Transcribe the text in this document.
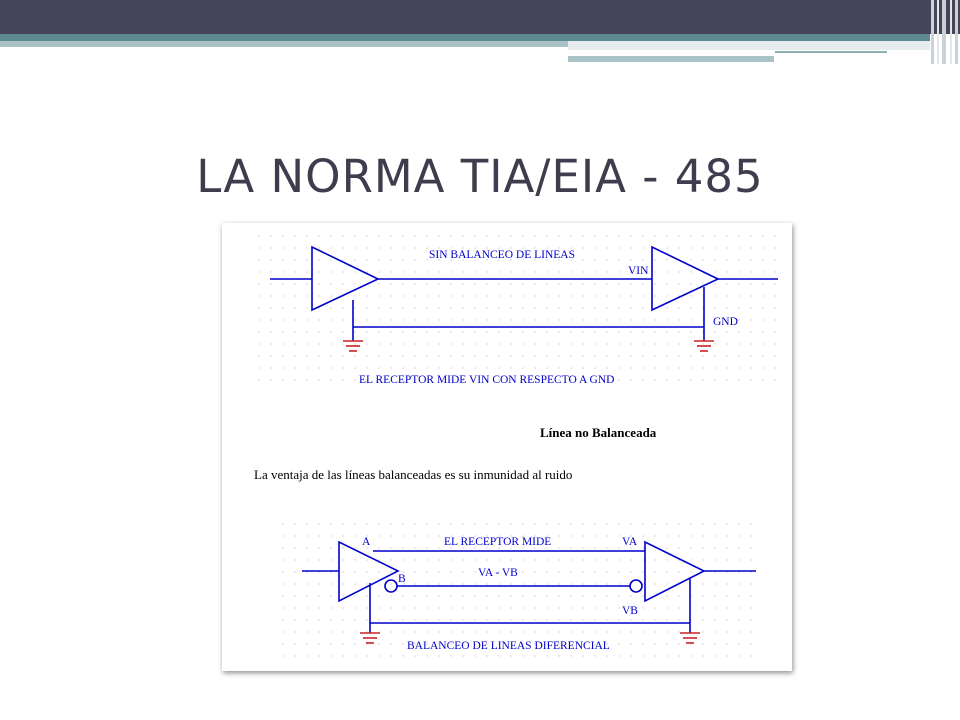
LA NORMA TIA/EIA - 485
SIN BALANCEO DE LINEAS
VIN
GND
EL RECEPTOR MIDE VIN CON RESPECTO A GND
Línea no Balanceada
La ventaja de las líneas balanceadas es su inmunidad al ruido
A
B
EL RECEPTOR MIDE
VA - VB
VA
VB
BALANCEO DE LINEAS DIFERENCIAL
